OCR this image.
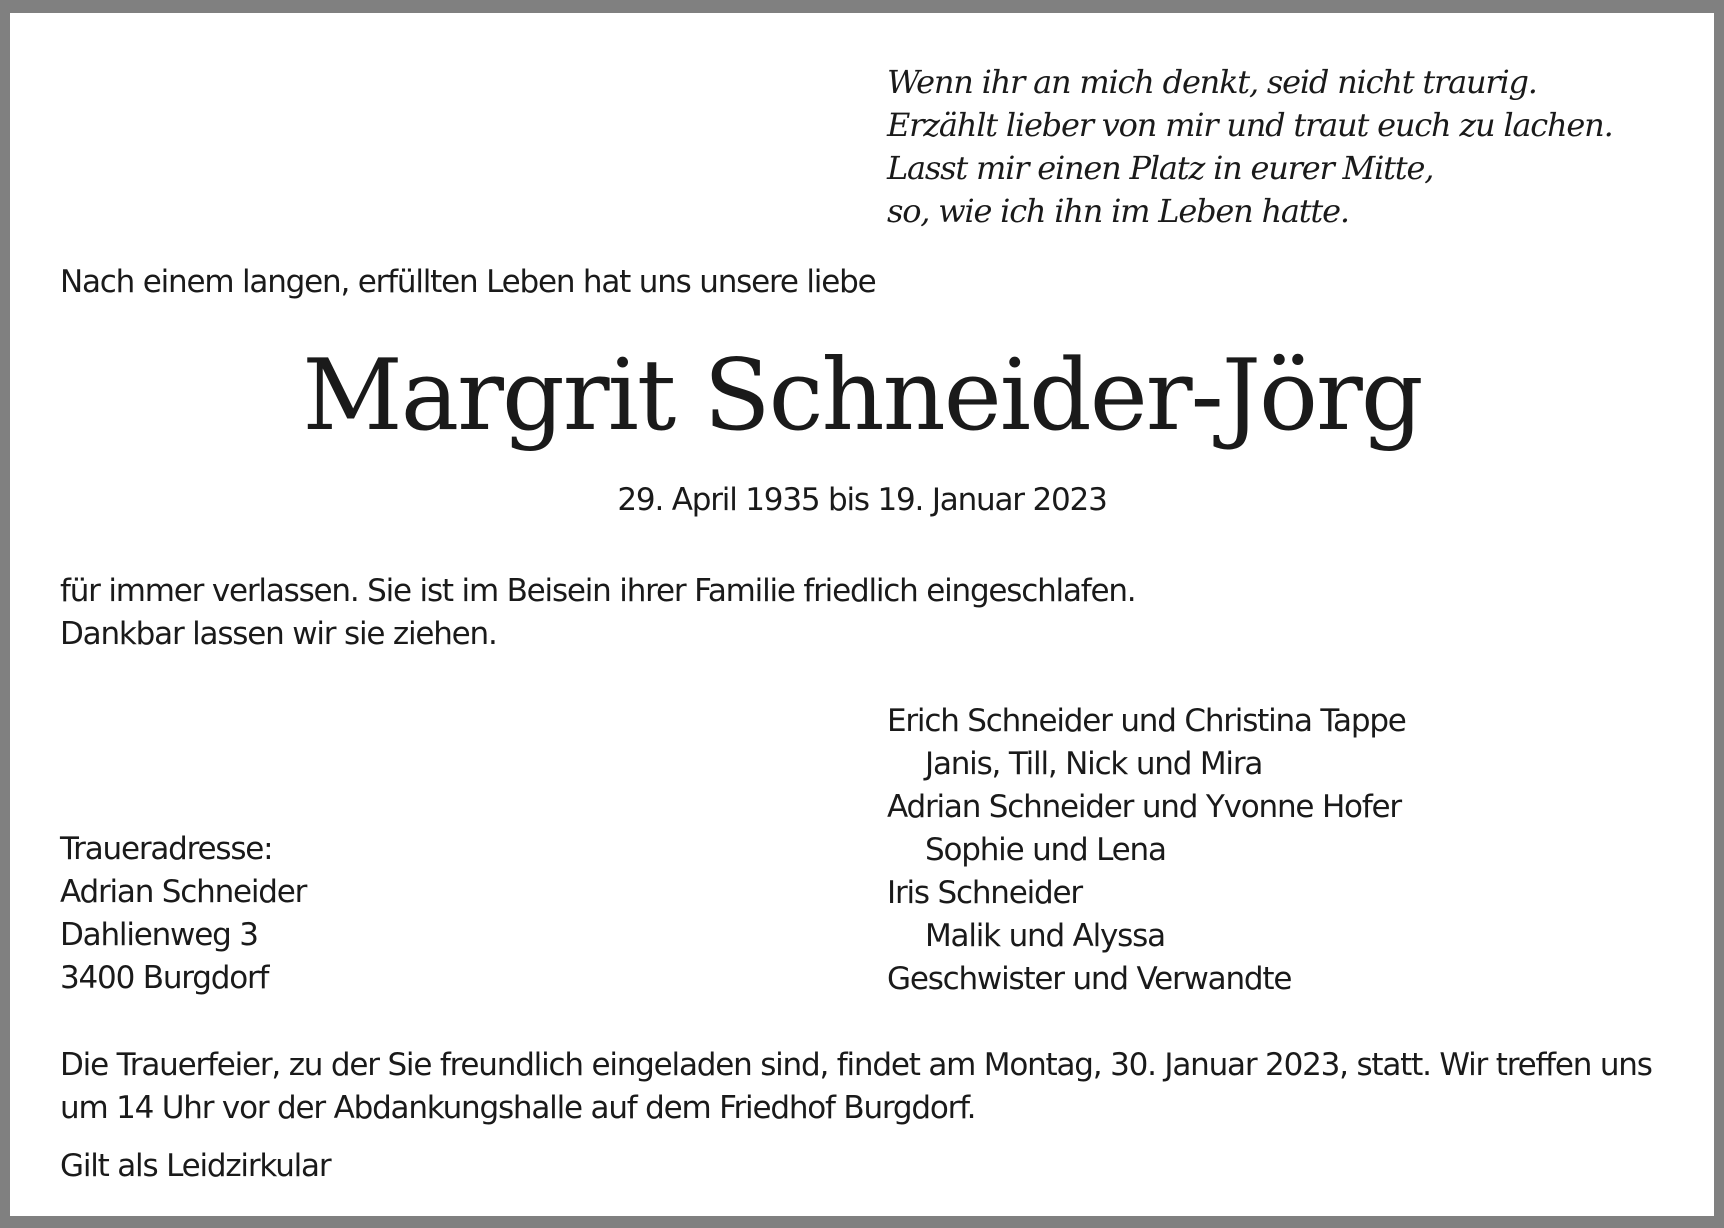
Wenn ihr an mich denkt, seid nicht traurig.
Erzählt lieber von mir und traut euch zu lachen.
Lasst mir einen Platz in eurer Mitte,
so, wie ich ihn im Leben hatte.
Nach einem langen, erfüllten Leben hat uns unsere liebe
Margrit Schneider-Jörg
29. April 1935 bis 19. Januar 2023
für immer verlassen. Sie ist im Beisein ihrer Familie friedlich eingeschlafen.
Dankbar lassen wir sie ziehen.
Erich Schneider und Christina Tappe
Janis, Till, Nick und Mira
Adrian Schneider und Yvonne Hofer
Sophie und Lena
Iris Schneider
Malik und Alyssa
Geschwister und Verwandte
Traueradresse:
Adrian Schneider
Dahlienweg 3
3400 Burgdorf
Die Trauerfeier, zu der Sie freundlich eingeladen sind, findet am Montag, 30. Januar 2023, statt. Wir treffen uns
um 14 Uhr vor der Abdankungshalle auf dem Friedhof Burgdorf.
Gilt als Leidzirkular
